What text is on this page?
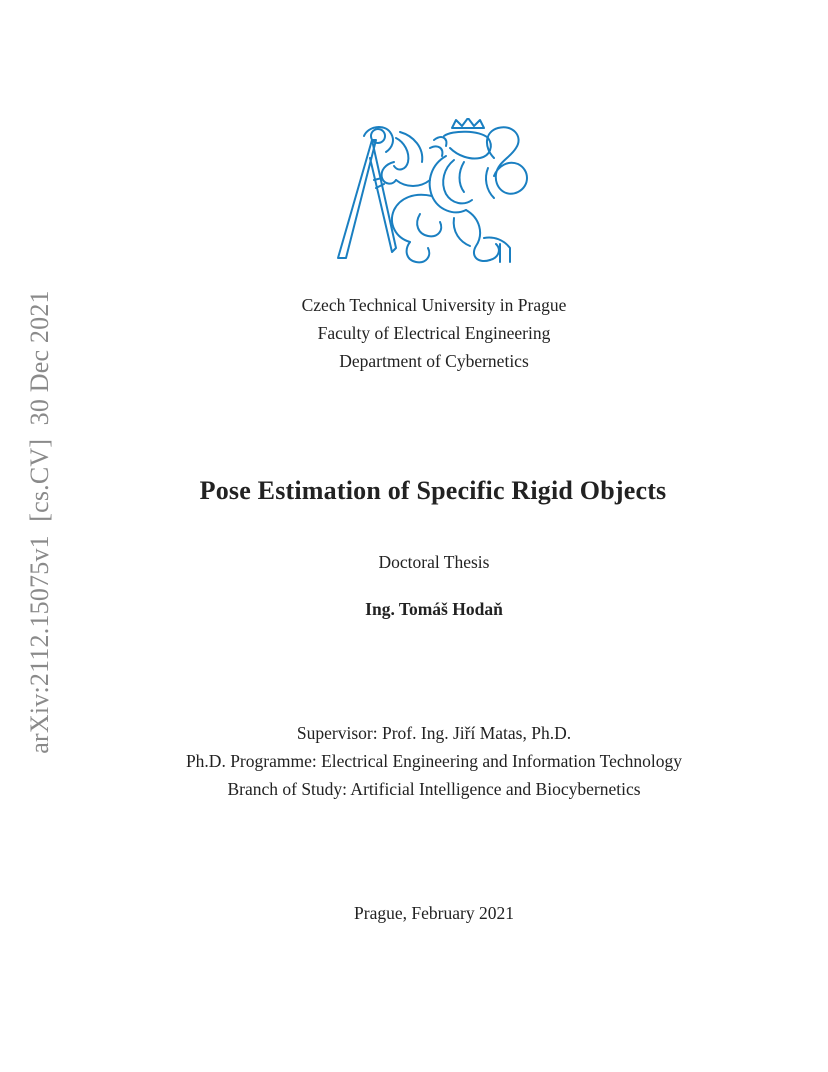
arXiv:2112.15075v1  [cs.CV]  30 Dec 2021	Czech Technical University in Prague
Faculty of Electrical Engineering
Department of Cybernetics
Pose Estimation of Specific Rigid Objects
Doctoral Thesis
Ing. Tomáš Hodaň
Supervisor: Prof. Ing. Jiří Matas, Ph.D.
Ph.D. Programme: Electrical Engineering and Information Technology
Branch of Study: Artificial Intelligence and Biocybernetics
Prague, February 2021
